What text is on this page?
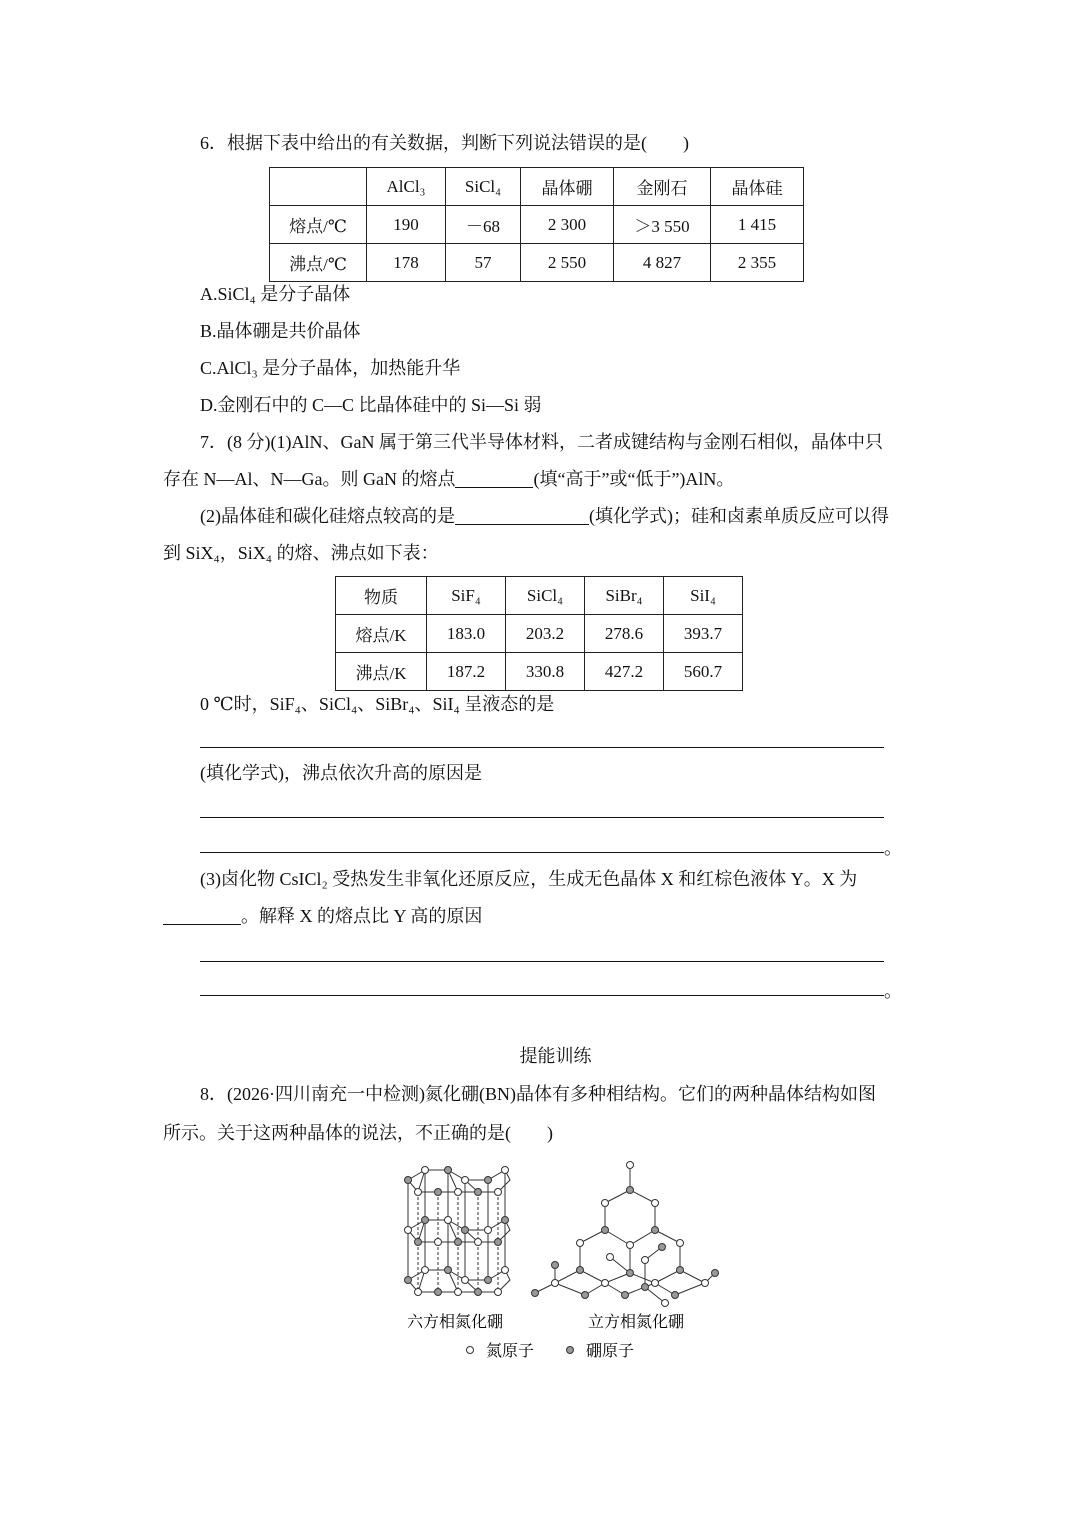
6．根据下表中给出的有关数据，判断下列说法错误的是(　　)
	AlCl₃	SiCl₄	晶体硼	金刚石	晶体硅
熔点/℃	190	－68	2 300	＞3 550	1 415
沸点/℃	178	57	2 550	4 827	2 355
A.SiCl₄ 是分子晶体
B.晶体硼是共价晶体
C.AlCl₃ 是分子晶体，加热能升华
D.金刚石中的 C—C 比晶体硅中的 Si—Si 弱
7．(8 分)(1)AlN、GaN 属于第三代半导体材料，二者成键结构与金刚石相似，晶体中只
存在 N—Al、N—Ga。则 GaN 的熔点	(填“高于”或“低于”)AlN。
(2)晶体硅和碳化硅熔点较高的是	(填化学式)；硅和卤素单质反应可以得
到 SiX₄，SiX₄ 的熔、沸点如下表：
物质	SiF₄	SiCl₄	SiBr₄	SiI₄
熔点/K	183.0	203.2	278.6	393.7
沸点/K	187.2	330.8	427.2	560.7
0 ℃时，SiF₄、SiCl₄、SiBr₄、SiI₄ 呈液态的是
(填化学式)，沸点依次升高的原因是
。
(3)卤化物 CsICl₂ 受热发生非氧化还原反应，生成无色晶体 X 和红棕色液体 Y。X 为
。解释 X 的熔点比 Y 高的原因
。
提能训练
8．(2026·四川南充一中检测)氮化硼(BN)晶体有多种相结构。它们的两种晶体结构如图
所示。关于这两种晶体的说法，不正确的是(　　)
六方相氮化硼	立方相氮化硼
氮原子	硼原子
